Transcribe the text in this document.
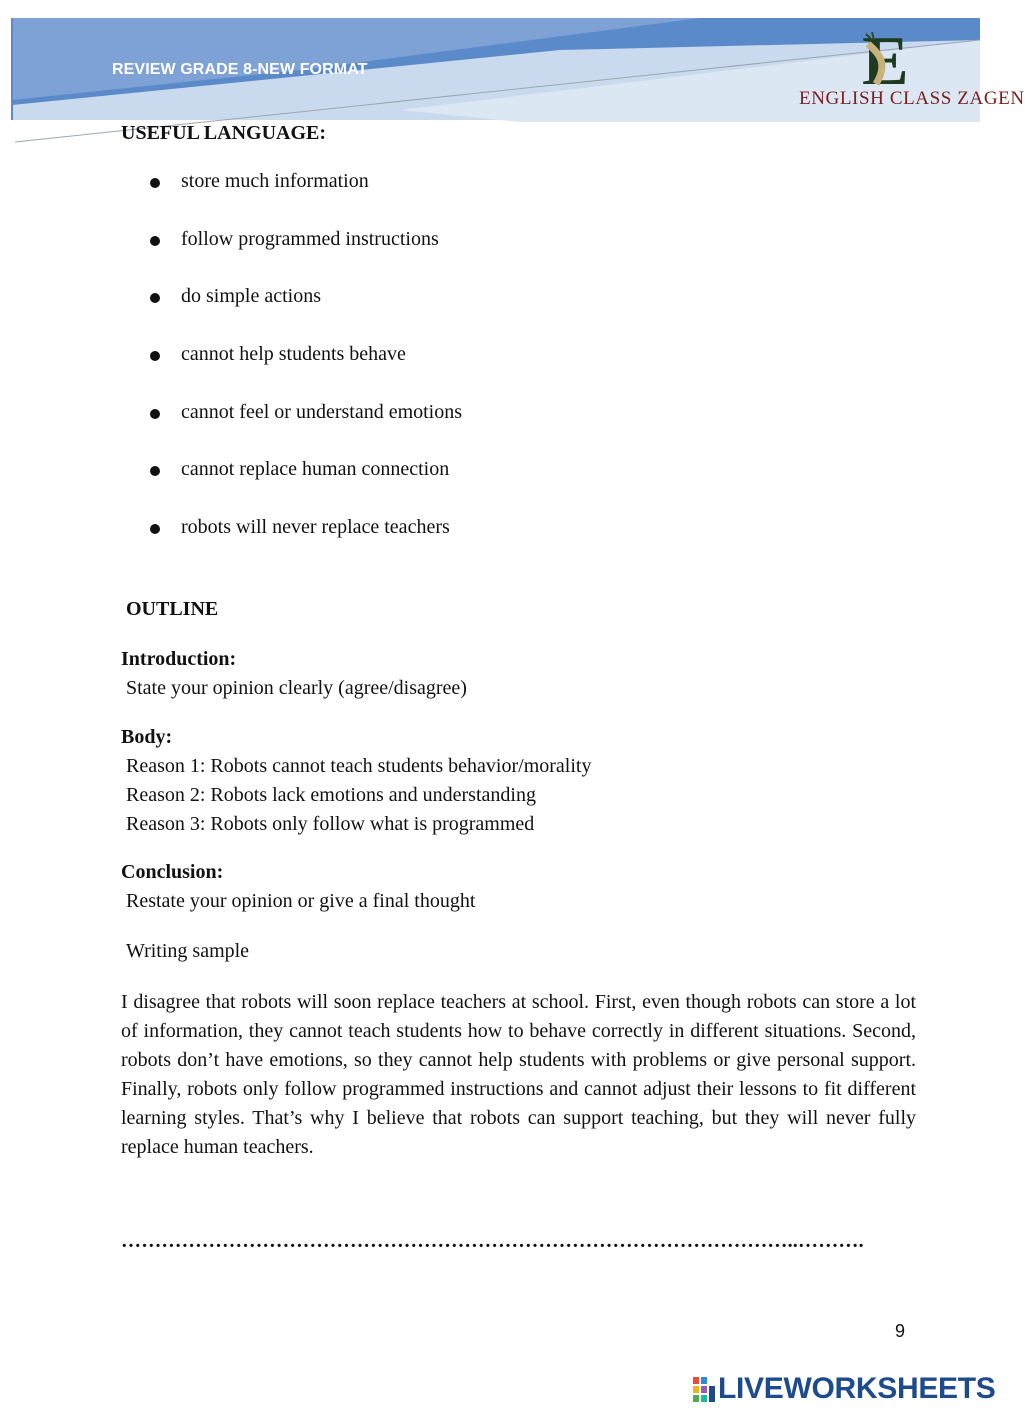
REVIEW GRADE 8-NEW FORMAT	E
ENGLISH CLASS ZAGEN
USEFUL LANGUAGE:
store much information
follow programmed instructions
do simple actions
cannot help students behave
cannot feel or understand emotions
cannot replace human connection
robots will never replace teachers
OUTLINE
Introduction:
State your opinion clearly (agree/disagree)
Body:
Reason 1: Robots cannot teach students behavior/morality
Reason 2: Robots lack emotions and understanding
Reason 3: Robots only follow what is programmed
Conclusion:
Restate your opinion or give a final thought
Writing sample

I disagree that robots will soon replace teachers at school. First, even though robots can store a lot of information, they cannot teach students how to behave correctly in different situations. Second, robots don’t have emotions, so they cannot help students with problems or give personal support. Finally, robots only follow programmed instructions and cannot adjust their lessons to fit different learning styles. That’s why I believe that robots can support teaching, but they will never fully replace human teachers.

………………………………………………………………………………………..……….
9
LIVEWORKSHEETS
